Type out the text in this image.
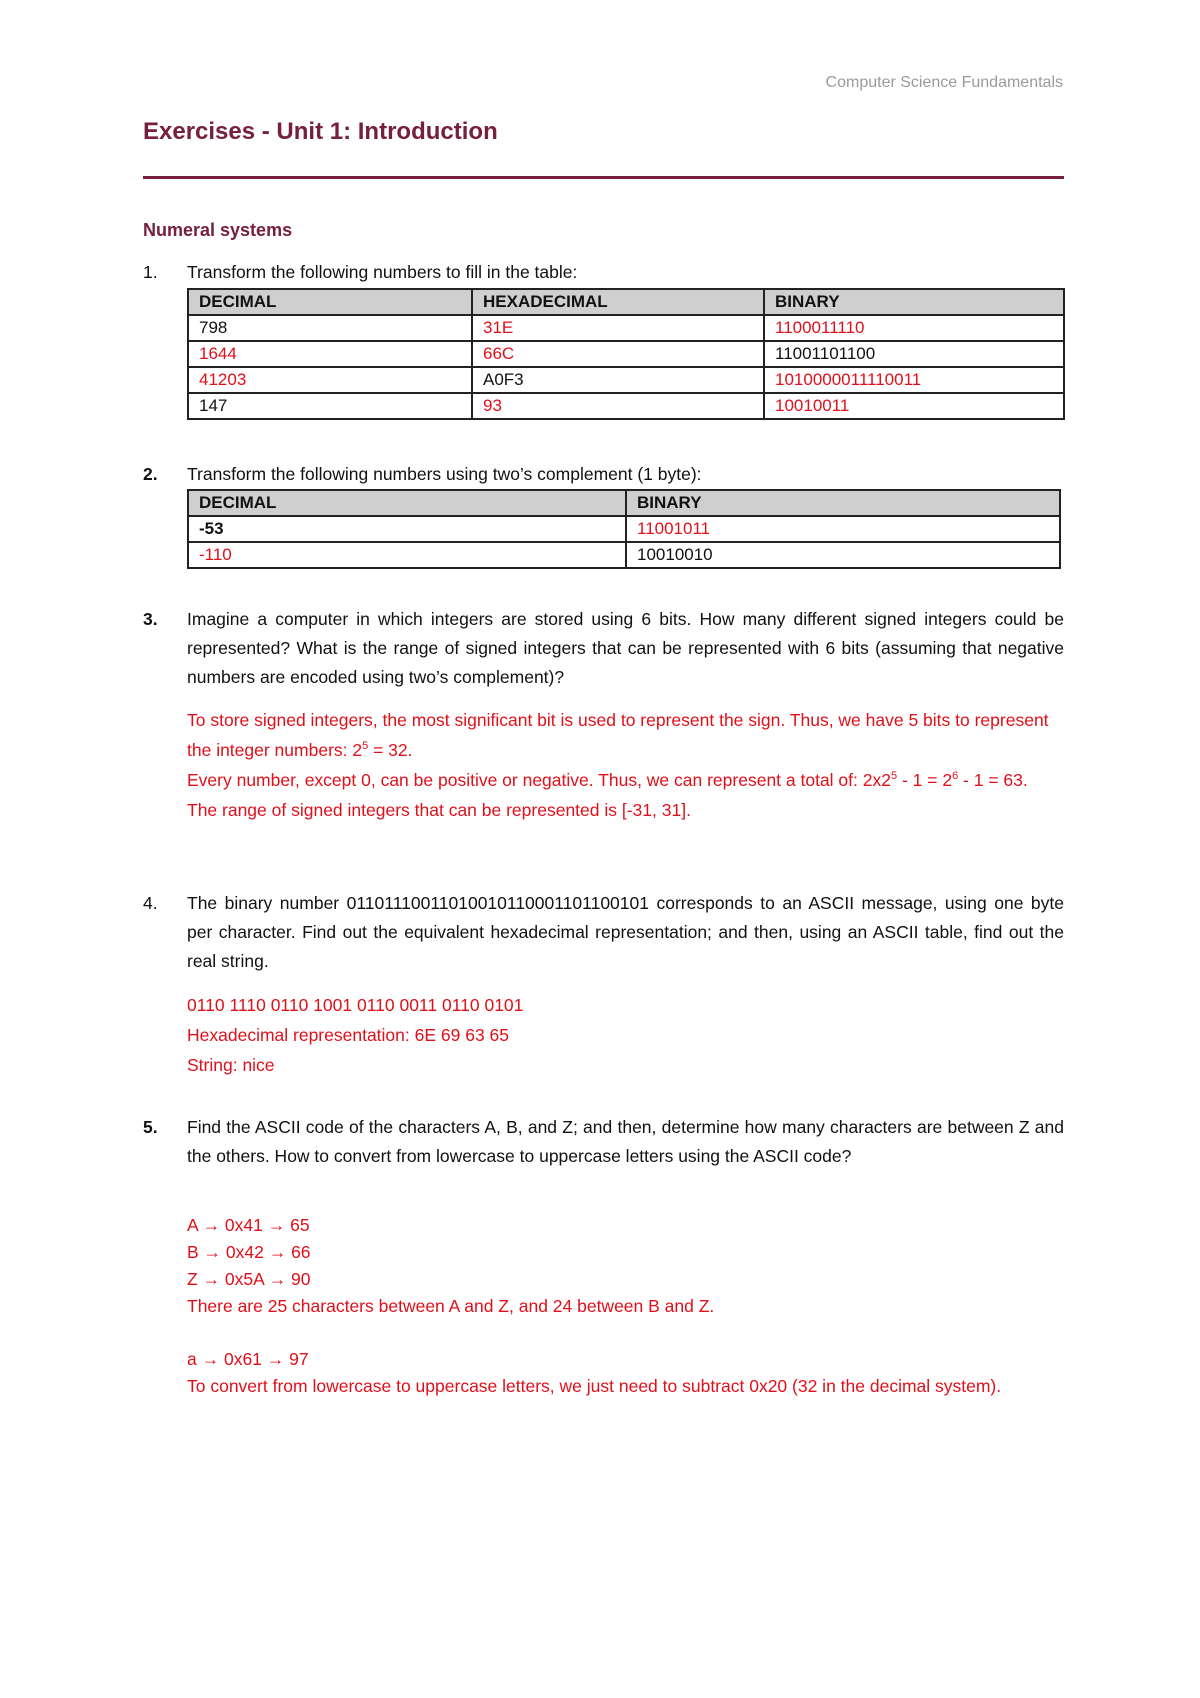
Computer Science Fundamentals
Exercises - Unit 1: Introduction
Numeral systems
1. Transform the following numbers to fill in the table:
DECIMAL	HEXADECIMAL	BINARY
798	31E	1100011110
1644	66C	11001101100
41203	A0F3	1010000011110011
147	93	10010011
2. Transform the following numbers using two’s complement (1 byte):
DECIMAL	BINARY
-53	11001011
-110	10010010
3. Imagine a computer in which integers are stored using 6 bits. How many different signed integers could be represented? What is the range of signed integers that can be represented with 6 bits (assuming that negative numbers are encoded using two’s complement)?
To store signed integers, the most significant bit is used to represent the sign. Thus, we have 5 bits to represent the integer numbers: $2^5 = 32$.
Every number, except 0, can be positive or negative. Thus, we can represent a total of: $2x2^5 - 1 = 2^6 - 1 = 63$.
The range of signed integers that can be represented is [-31, 31].
4. The binary number 01101110011010010110001101100101 corresponds to an ASCII message, using one byte per character. Find out the equivalent hexadecimal representation; and then, using an ASCII table, find out the real string.
0110 1110 0110 1001 0110 0011 0110 0101
Hexadecimal representation: 6E 69 63 65
String: nice
5. Find the ASCII code of the characters A, B, and Z; and then, determine how many characters are between Z and the others. How to convert from lowercase to uppercase letters using the ASCII code?
A → 0x41 → 65
B → 0x42 → 66
Z → 0x5A → 90
There are 25 characters between A and Z, and 24 between B and Z.
a → 0x61 → 97
To convert from lowercase to uppercase letters, we just need to subtract 0x20 (32 in the decimal system).
